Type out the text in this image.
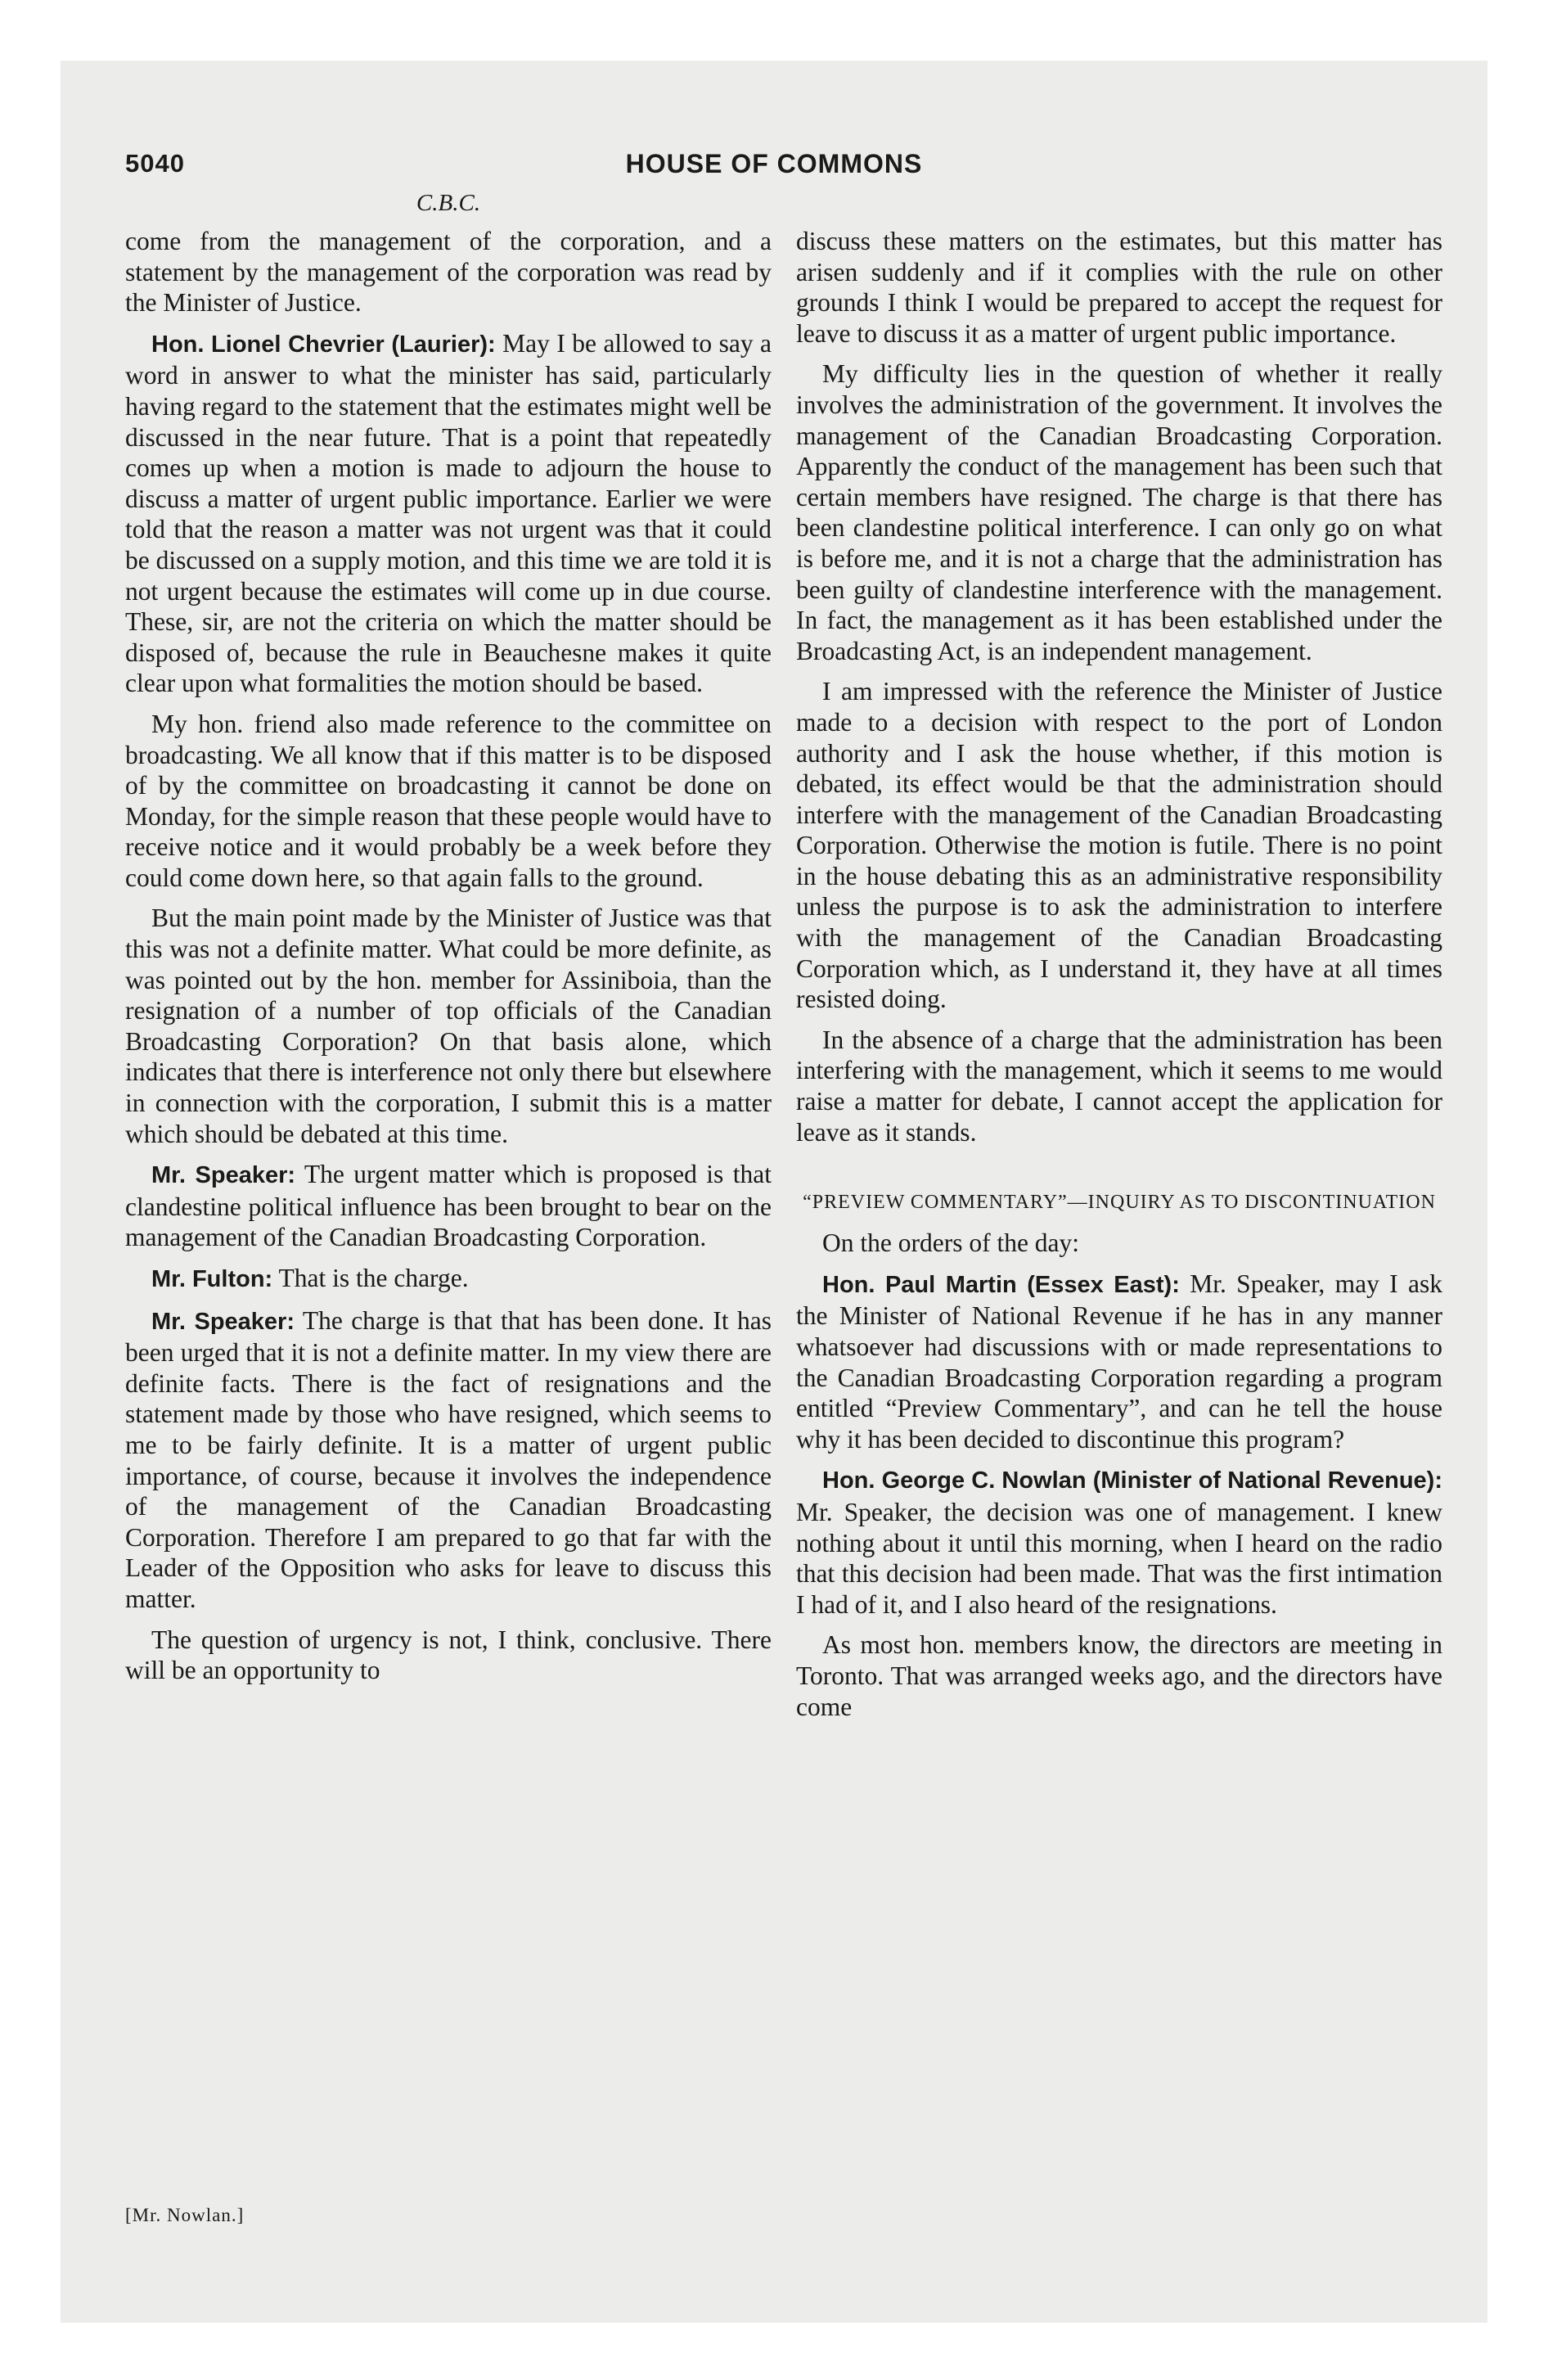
5040	HOUSE OF COMMONS
C.B.C.

come from the management of the corporation, and a statement by the management of the corporation was read by the Minister of Justice.

Hon. Lionel Chevrier (Laurier): May I be allowed to say a word in answer to what the minister has said, particularly having regard to the statement that the estimates might well be discussed in the near future. That is a point that repeatedly comes up when a motion is made to adjourn the house to discuss a matter of urgent public importance. Earlier we were told that the reason a matter was not urgent was that it could be discussed on a supply motion, and this time we are told it is not urgent because the estimates will come up in due course. These, sir, are not the criteria on which the matter should be disposed of, because the rule in Beauchesne makes it quite clear upon what formalities the motion should be based.

My hon. friend also made reference to the committee on broadcasting. We all know that if this matter is to be disposed of by the committee on broadcasting it cannot be done on Monday, for the simple reason that these people would have to receive notice and it would probably be a week before they could come down here, so that again falls to the ground.

But the main point made by the Minister of Justice was that this was not a definite matter. What could be more definite, as was pointed out by the hon. member for Assiniboia, than the resignation of a number of top officials of the Canadian Broadcasting Corporation? On that basis alone, which indicates that there is interference not only there but elsewhere in connection with the corporation, I submit this is a matter which should be debated at this time.

Mr. Speaker: The urgent matter which is proposed is that clandestine political influence has been brought to bear on the management of the Canadian Broadcasting Corporation.

Mr. Fulton: That is the charge.

Mr. Speaker: The charge is that that has been done. It has been urged that it is not a definite matter. In my view there are definite facts. There is the fact of resignations and the statement made by those who have resigned, which seems to me to be fairly definite. It is a matter of urgent public importance, of course, because it involves the independence of the management of the Canadian Broadcasting Corporation. Therefore I am prepared to go that far with the Leader of the Opposition who asks for leave to discuss this matter.

The question of urgency is not, I think, conclusive. There will be an opportunity to

discuss these matters on the estimates, but this matter has arisen suddenly and if it complies with the rule on other grounds I think I would be prepared to accept the request for leave to discuss it as a matter of urgent public importance.

My difficulty lies in the question of whether it really involves the administration of the government. It involves the management of the Canadian Broadcasting Corporation. Apparently the conduct of the management has been such that certain members have resigned. The charge is that there has been clandestine political interference. I can only go on what is before me, and it is not a charge that the administration has been guilty of clandestine interference with the management. In fact, the management as it has been established under the Broadcasting Act, is an independent management.

I am impressed with the reference the Minister of Justice made to a decision with respect to the port of London authority and I ask the house whether, if this motion is debated, its effect would be that the administration should interfere with the management of the Canadian Broadcasting Corporation. Otherwise the motion is futile. There is no point in the house debating this as an administrative responsibility unless the purpose is to ask the administration to interfere with the management of the Canadian Broadcasting Corporation which, as I understand it, they have at all times resisted doing.

In the absence of a charge that the administration has been interfering with the management, which it seems to me would raise a matter for debate, I cannot accept the application for leave as it stands.

“PREVIEW COMMENTARY”—INQUIRY AS TO DISCONTINUATION

On the orders of the day:

Hon. Paul Martin (Essex East): Mr. Speaker, may I ask the Minister of National Revenue if he has in any manner whatsoever had discussions with or made representations to the Canadian Broadcasting Corporation regarding a program entitled “Preview Commentary”, and can he tell the house why it has been decided to discontinue this program?

Hon. George C. Nowlan (Minister of National Revenue): Mr. Speaker, the decision was one of management. I knew nothing about it until this morning, when I heard on the radio that this decision had been made. That was the first intimation I had of it, and I also heard of the resignations.

As most hon. members know, the directors are meeting in Toronto. That was arranged weeks ago, and the directors have come

[Mr. Nowlan.]
